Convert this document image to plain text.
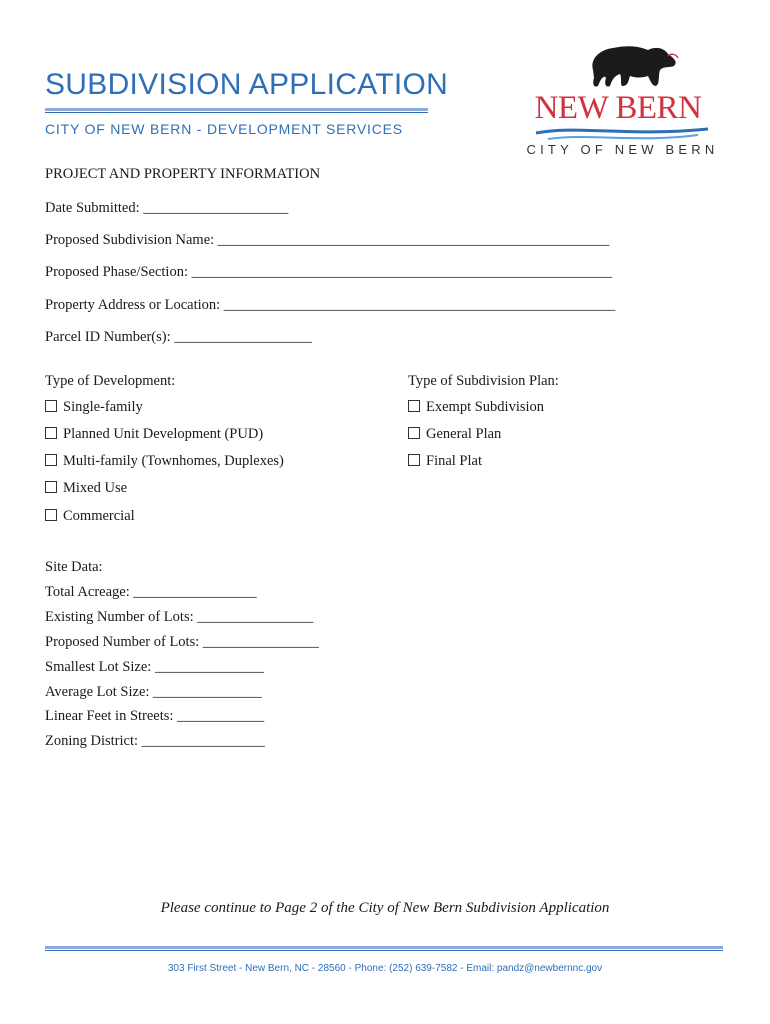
SUBDIVISION APPLICATION
CITY OF NEW BERN - DEVELOPMENT SERVICES
NEW BERN
CITY OF NEW BERN
PROJECT AND PROPERTY INFORMATION
Date Submitted: ____________________
Proposed Subdivision Name: ______________________________________________________
Proposed Phase/Section: __________________________________________________________
Property Address or Location: ______________________________________________________
Parcel ID Number(s): ___________________
Type of Development:
Single-family
Planned Unit Development (PUD)
Multi-family (Townhomes, Duplexes)
Mixed Use
Commercial
Type of Subdivision Plan:
Exempt Subdivision
General Plan
Final Plat
Site Data:
Total Acreage: _________________
Existing Number of Lots: ________________
Proposed Number of Lots: ________________
Smallest Lot Size: _______________
Average Lot Size: _______________
Linear Feet in Streets: ____________
Zoning District: _________________
Please continue to Page 2 of the City of New Bern Subdivision Application
303 First Street - New Bern, NC - 28560 - Phone: (252) 639-7582 - Email: pandz@newbernnc.gov
